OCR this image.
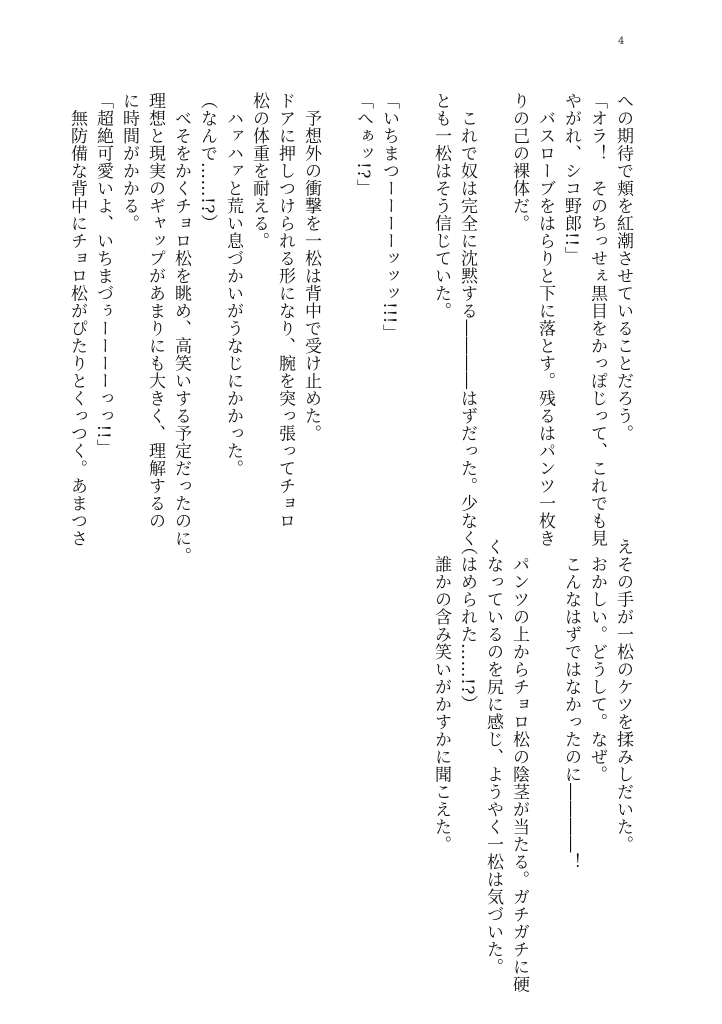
4
への期待で頬を紅潮させていることだろう。
「オラ！　そのちっせぇ黒目をかっぽじって、これでも見
やがれ、シコ野郎!!」
　バスローブをはらりと下に落とす。残るはパンツ一枚き
りの己の裸体だ。

　これで奴は完全に沈黙する――――はずだった。少なく
とも一松はそう信じていた。

「いちまつーーーーッッッ!!!」
「へぁッ!?」

　予想外の衝撃を一松は背中で受け止めた。
ドアに押しつけられる形になり、腕を突っ張ってチョロ
松の体重を耐える。
　ハァハァと荒い息づかいがうなじにかかった。
（なんで……!?）
　べそをかくチョロ松を眺め、高笑いする予定だったのに。
理想と現実のギャップがあまりにも大きく、理解するの
に時間がかかる。
「超絶可愛いよ、いちまづぅーーーーっっ!!」
　無防備な背中にチョロ松がぴたりとくっつく。あまつさ
えその手が一松のケツを揉みしだいた。
　おかしい。どうして。なぜ。
　こんなはずではなかったのに――――！

　パンツの上からチョロ松の陰茎が当たる。ガチガチに硬
くなっているのを尻に感じ、ようやく一松は気づいた。
（はめられた……!?）
　誰かの含み笑いがかすかに聞こえた。
